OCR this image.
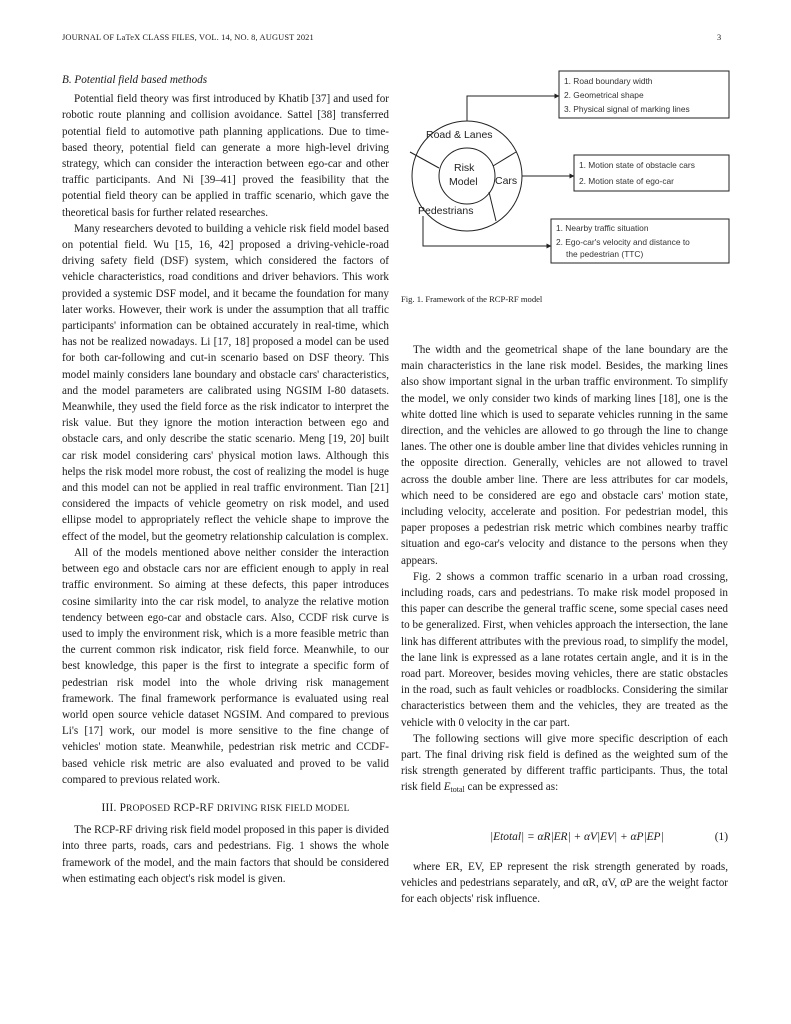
JOURNAL OF LaTeX CLASS FILES, VOL. 14, NO. 8, AUGUST 2021	3
B. Potential field based methods

Potential field theory was first introduced by Khatib [37] and used for robotic route planning and collision avoidance. Sattel [38] transferred potential field to automotive path planning applications. Due to time-based theory, potential field can generate a more high-level driving strategy, which can consider the interaction between ego-car and other traffic participants. And Ni [39–41] proved the feasibility that the potential field theory can be applied in traffic scenario, which gave the theoretical basis for further related researches.

Many researchers devoted to building a vehicle risk field model based on potential field. Wu [15, 16, 42] proposed a driving-vehicle-road driving safety field (DSF) system, which considered the factors of vehicle characteristics, road conditions and driver behaviors. This work provided a systemic DSF model, and it became the foundation for many later works. However, their work is under the assumption that all traffic participants' information can be obtained accurately in real-time, which has not be realized nowadays. Li [17, 18] proposed a model can be used for both car-following and cut-in scenario based on DSF theory. This model mainly considers lane boundary and obstacle cars' characteristics, and the model parameters are calibrated using NGSIM I-80 datasets. Meanwhile, they used the field force as the risk indicator to interpret the risk value. But they ignore the motion interaction between ego and obstacle cars, and only describe the static scenario. Meng [19, 20] built car risk model considering cars' physical motion laws. Although this helps the risk model more robust, the cost of realizing the model is huge and this model can not be applied in real traffic environment. Tian [21] considered the impacts of vehicle geometry on risk model, and used ellipse model to appropriately reflect the vehicle shape to improve the effect of the model, but the geometry relationship calculation is complex.

All of the models mentioned above neither consider the interaction between ego and obstacle cars nor are efficient enough to apply in real traffic environment. So aiming at these defects, this paper introduces cosine similarity into the car risk model, to analyze the relative motion tendency between ego-car and obstacle cars. Also, CCDF risk curve is used to imply the environment risk, which is a more feasible metric than the current common risk indicator, risk field force. Meanwhile, to our best knowledge, this paper is the first to integrate a specific form of pedestrian risk model into the whole driving risk management framework. The final framework performance is evaluated using real world open source vehicle dataset NGSIM. And compared to previous Li's [17] work, our model is more sensitive to the fine change of vehicles' motion state. Meanwhile, pedestrian risk metric and CCDF-based vehicle risk metric are also evaluated and proved to be valid compared to previous related work.

III. PROPOSED RCP-RF DRIVING RISK FIELD MODEL

The RCP-RF driving risk field model proposed in this paper is divided into three parts, roads, cars and pedestrians. Fig. 1 shows the whole framework of the model, and the main factors that should be considered when estimating each object's risk model is given.

Road & Lanes
Risk
Model Cars
Pedestrians
1. Road boundary width
2. Geometrical shape
3. Physical signal of marking lines
1. Motion state of obstacle cars
2. Motion state of ego-car
1. Nearby traffic situation
2. Ego-car's velocity and distance to
the pedestrian (TTC)
Fig. 1. Framework of the RCP-RF model

The width and the geometrical shape of the lane boundary are the main characteristics in the lane risk model. Besides, the marking lines also show important signal in the urban traffic environment. To simplify the model, we only consider two kinds of marking lines [18], one is the white dotted line which is used to separate vehicles running in the same direction, and the vehicles are allowed to go through the line to change lanes. The other one is double amber line that divides vehicles running in the opposite direction. Generally, vehicles are not allowed to travel across the double amber line. There are less attributes for car models, which need to be considered are ego and obstacle cars' motion state, including velocity, accelerate and position. For pedestrian model, this paper proposes a pedestrian risk metric which combines nearby traffic situation and ego-car's velocity and distance to the persons when they appears.

Fig. 2 shows a common traffic scenario in a urban road crossing, including roads, cars and pedestrians. To make risk model proposed in this paper can describe the general traffic scene, some special cases need to be generalized. First, when vehicles approach the intersection, the lane link has different attributes with the previous road, to simplify the model, the lane link is expressed as a lane rotates certain angle, and it is in the road part. Moreover, besides moving vehicles, there are static obstacles in the road, such as fault vehicles or roadblocks. Considering the similar characteristics between them and the vehicles, they are treated as the vehicle with 0 velocity in the car part.

The following sections will give more specific description of each part. The final driving risk field is defined as the weighted sum of the risk strength generated by different traffic participants. Thus, the total risk field $E_{total}$ can be expressed as:

|Etotal| = αR|ER| + αV|EV| + αP|EP|	(1)

where ER, EV, EP represent the risk strength generated by roads, vehicles and pedestrians separately, and αR, αV, αP are the weight factor for each objects' risk influence.
